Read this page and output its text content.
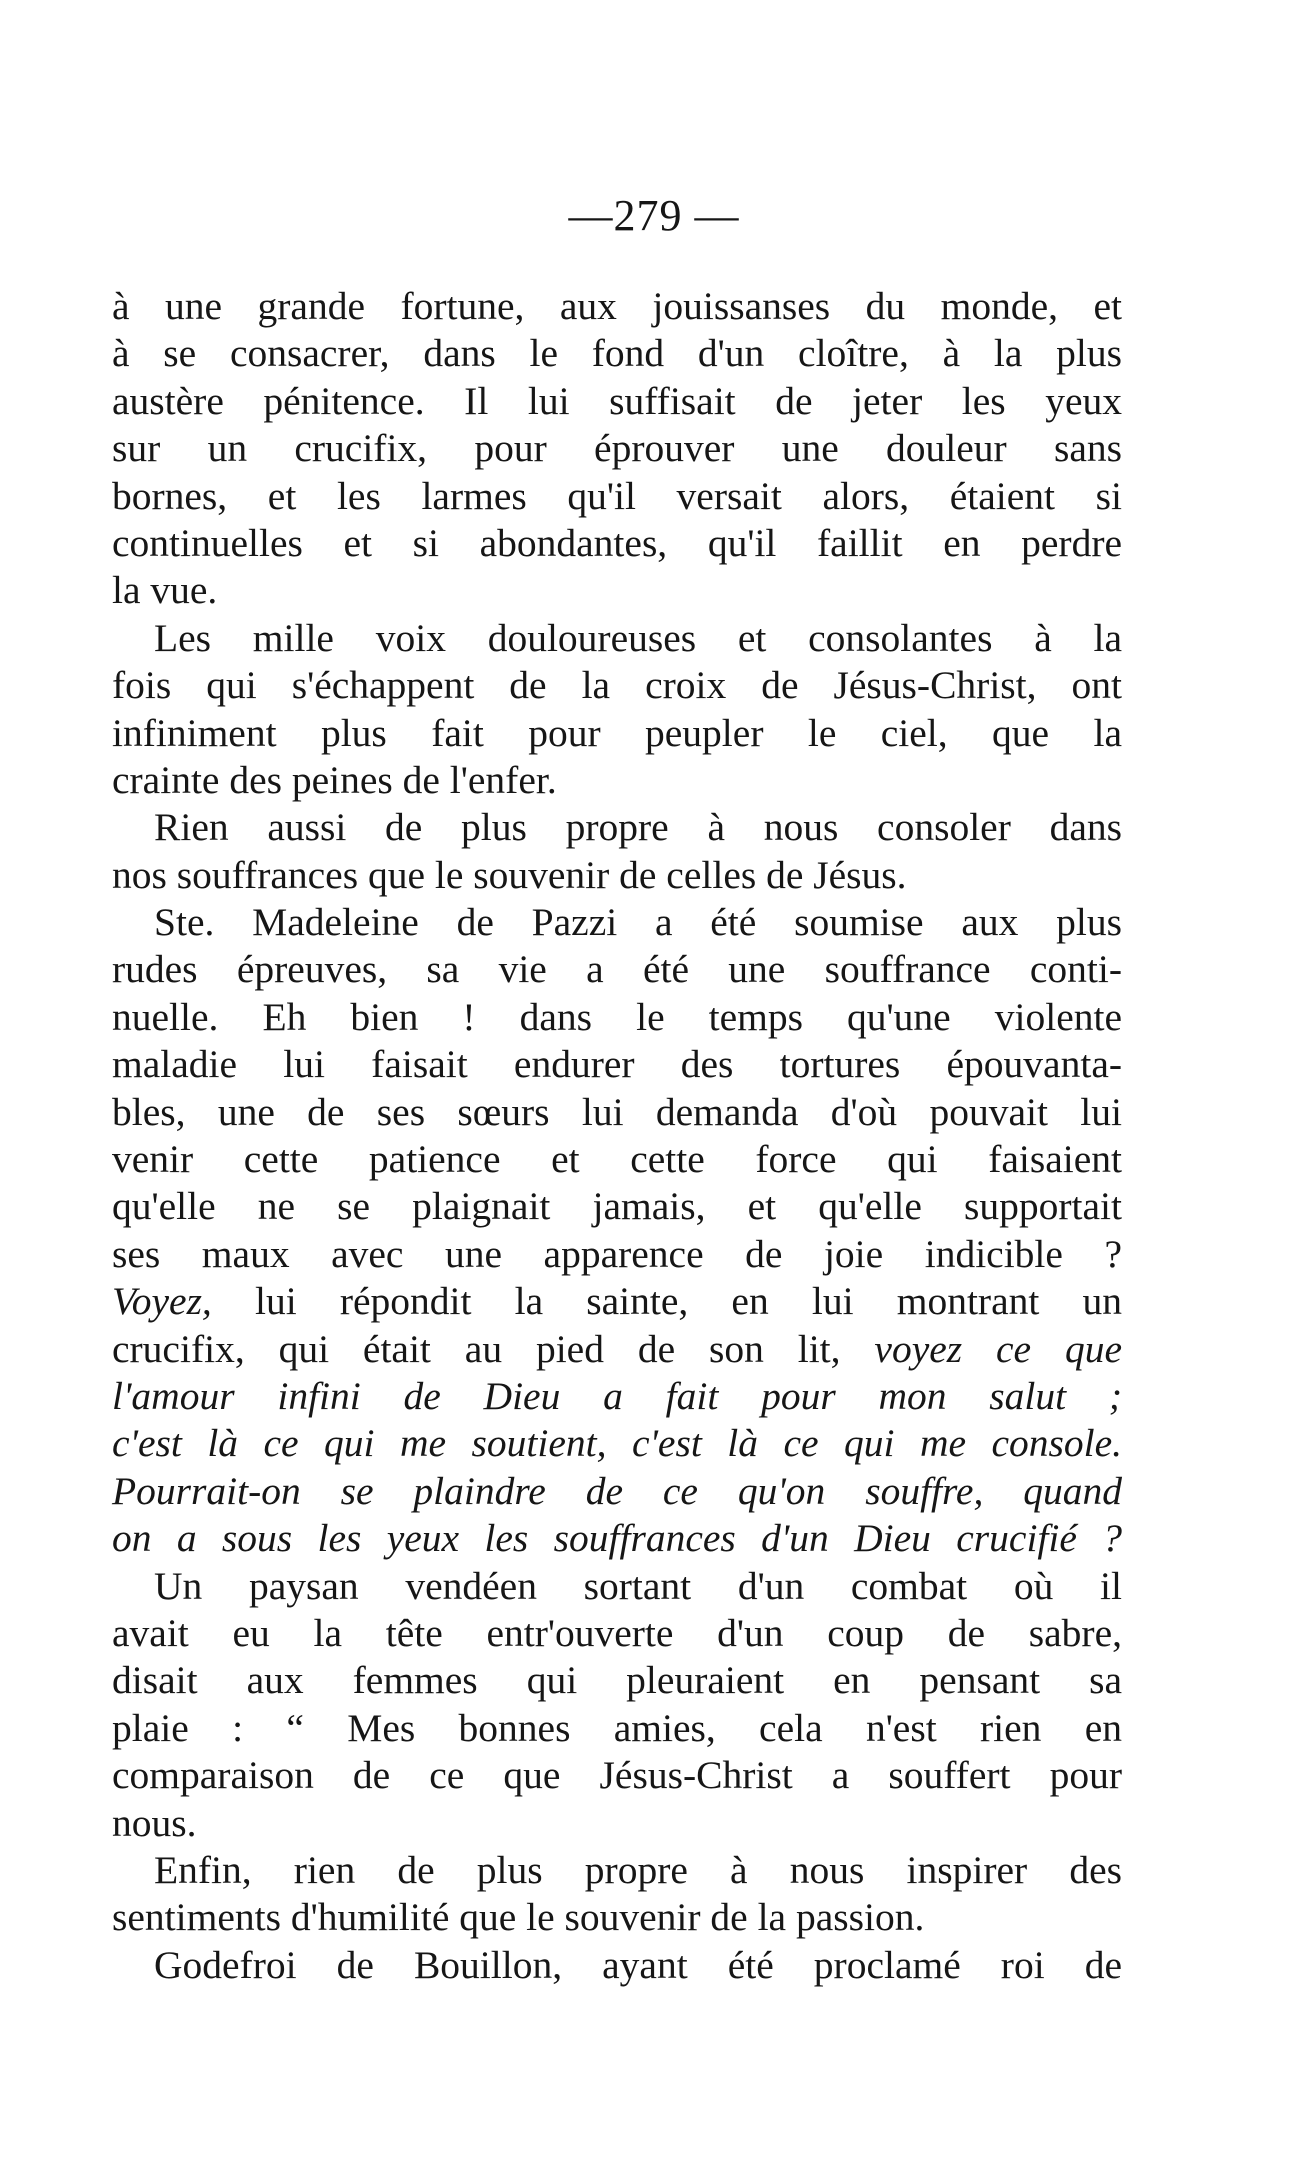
—279 —
à une grande fortune, aux jouissanses du monde, et
à se consacrer, dans le fond d'un cloître, à la plus
austère pénitence. Il lui suffisait de jeter les yeux
sur un crucifix, pour éprouver une douleur sans
bornes, et les larmes qu'il versait alors, étaient si
continuelles et si abondantes, qu'il faillit en perdre
la vue.
Les mille voix douloureuses et consolantes à la
fois qui s'échappent de la croix de Jésus-Christ, ont
infiniment plus fait pour peupler le ciel, que la
crainte des peines de l'enfer.
Rien aussi de plus propre à nous consoler dans
nos souffrances que le souvenir de celles de Jésus.
Ste. Madeleine de Pazzi a été soumise aux plus
rudes épreuves, sa vie a été une souffrance conti-
nuelle. Eh bien ! dans le temps qu'une violente
maladie lui faisait endurer des tortures épouvanta-
bles, une de ses sœurs lui demanda d'où pouvait lui
venir cette patience et cette force qui faisaient
qu'elle ne se plaignait jamais, et qu'elle supportait
ses maux avec une apparence de joie indicible ?
Voyez, lui répondit la sainte, en lui montrant un
crucifix, qui était au pied de son lit, voyez ce que
l'amour infini de Dieu a fait pour mon salut ;
c'est là ce qui me soutient, c'est là ce qui me console.
Pourrait-on se plaindre de ce qu'on souffre, quand
on a sous les yeux les souffrances d'un Dieu crucifié ?
Un paysan vendéen sortant d'un combat où il
avait eu la tête entr'ouverte d'un coup de sabre,
disait aux femmes qui pleuraient en pensant sa
plaie : “ Mes bonnes amies, cela n'est rien en
comparaison de ce que Jésus-Christ a souffert pour
nous.
Enfin, rien de plus propre à nous inspirer des
sentiments d'humilité que le souvenir de la passion.
Godefroi de Bouillon, ayant été proclamé roi de
